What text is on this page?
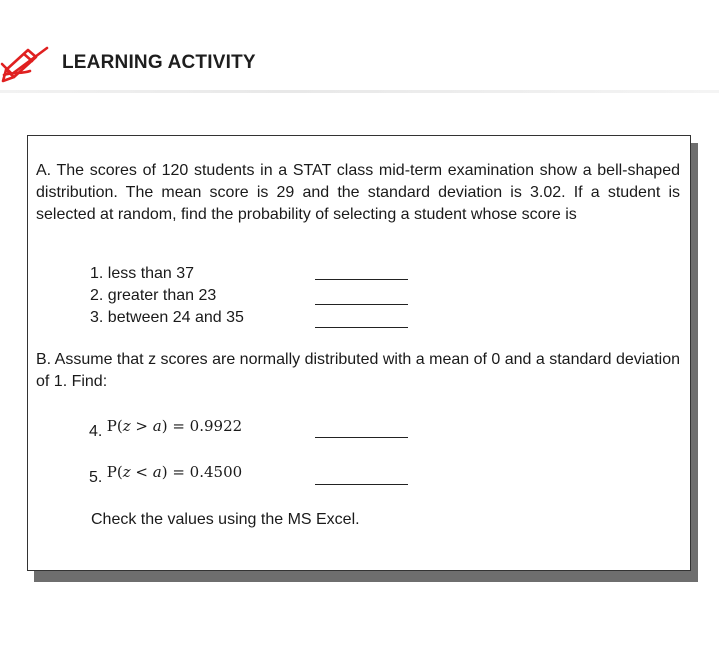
LEARNING ACTIVITY
A. The scores of 120 students in a STAT class mid-term examination show a bell-shaped distribution. The mean score is 29 and the standard deviation is 3.02. If a student is selected at random, find the probability of selecting a student whose score is
1. less than 37
2. greater than 23
3. between 24 and 35
B. Assume that z scores are normally distributed with a mean of 0 and a standard deviation of 1. Find:
4. P(z > a) = 0.9922
5. P(z < a) = 0.4500
Check the values using the MS Excel.
